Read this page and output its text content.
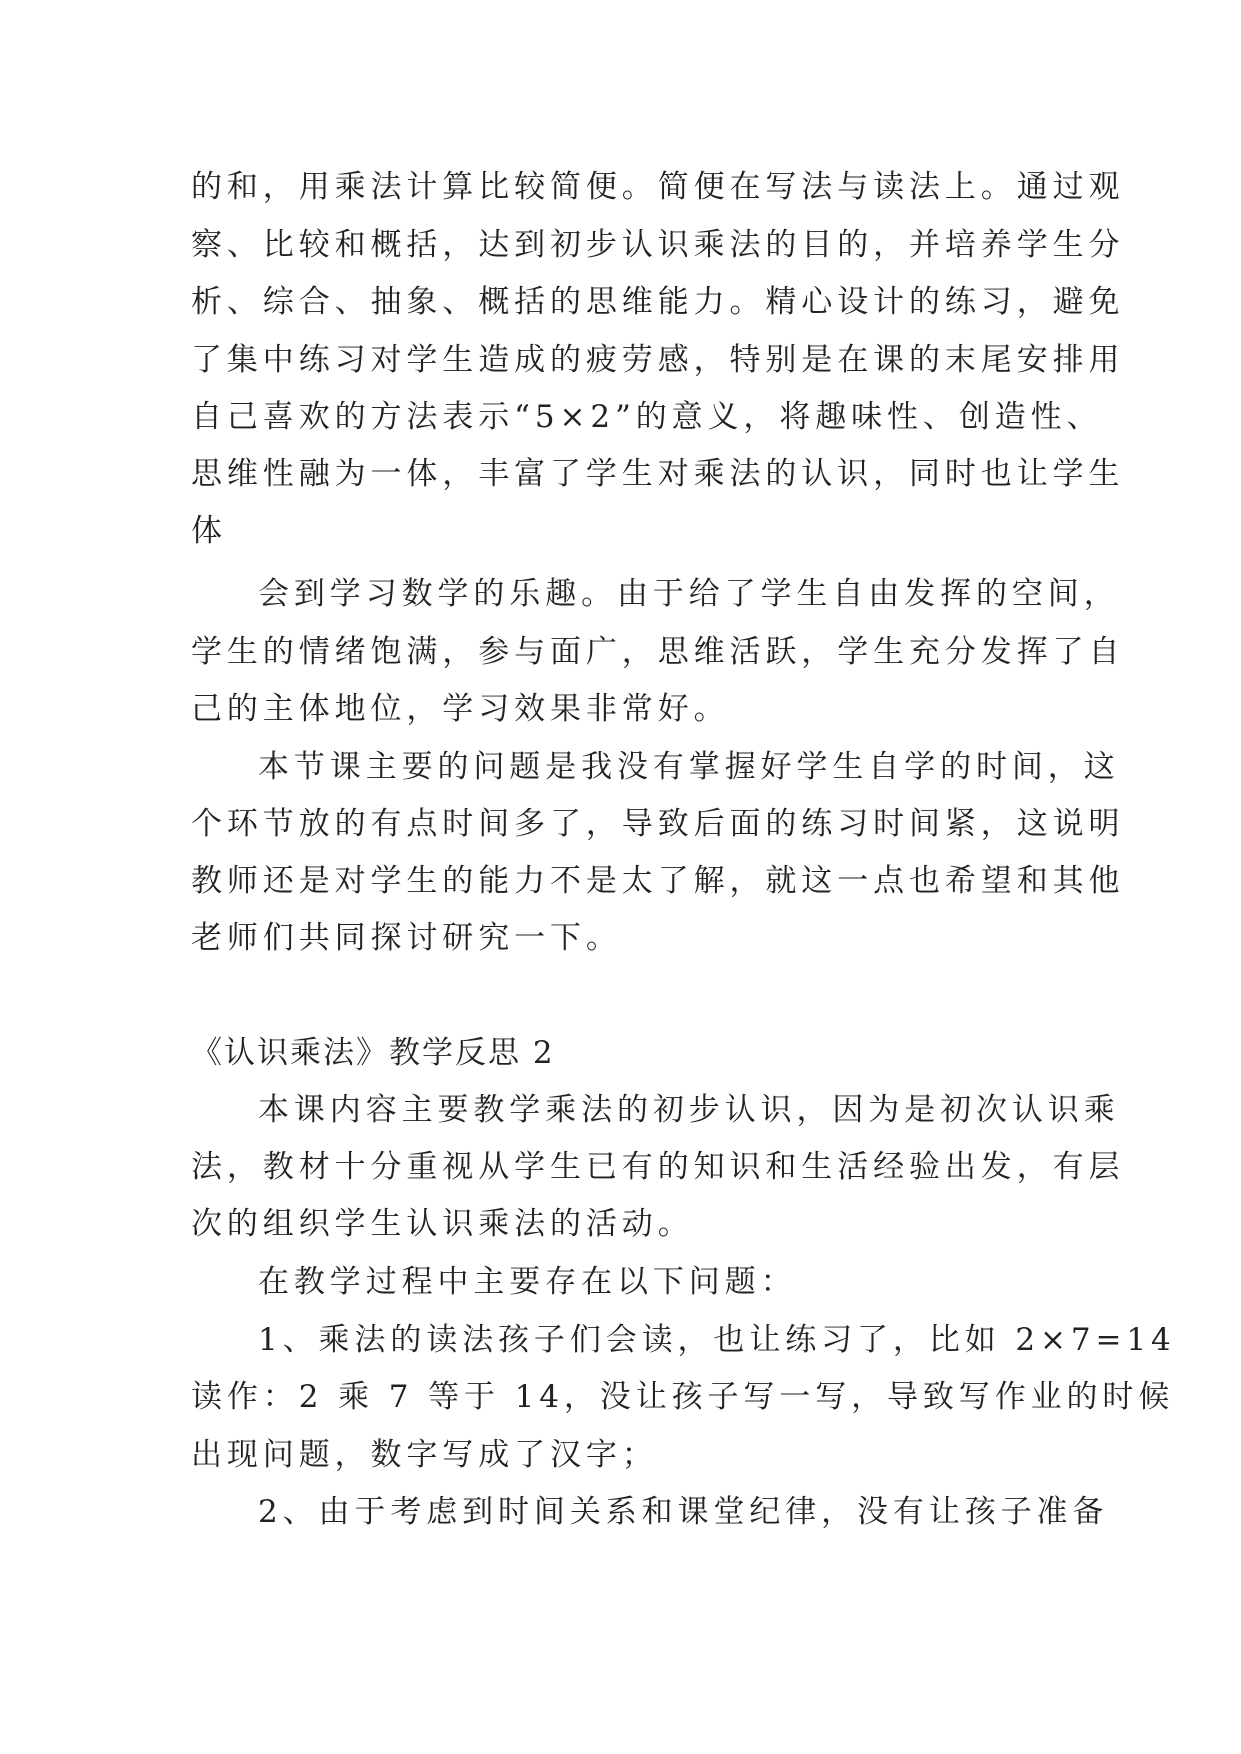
的和，用乘法计算比较简便。简便在写法与读法上。通过观
察、比较和概括，达到初步认识乘法的目的，并培养学生分
析、综合、抽象、概括的思维能力。精心设计的练习，避免
了集中练习对学生造成的疲劳感，特别是在课的末尾安排用
自己喜欢的方法表示“5×2”的意义，将趣味性、创造性、
思维性融为一体，丰富了学生对乘法的认识，同时也让学生
体
会到学习数学的乐趣。由于给了学生自由发挥的空间，
学生的情绪饱满，参与面广，思维活跃，学生充分发挥了自
己的主体地位，学习效果非常好。
本节课主要的问题是我没有掌握好学生自学的时间，这
个环节放的有点时间多了，导致后面的练习时间紧，这说明
教师还是对学生的能力不是太了解，就这一点也希望和其他
老师们共同探讨研究一下。
《认识乘法》教学反思 2
本课内容主要教学乘法的初步认识，因为是初次认识乘
法，教材十分重视从学生已有的知识和生活经验出发，有层
次的组织学生认识乘法的活动。
在教学过程中主要存在以下问题：
1、乘法的读法孩子们会读，也让练习了，比如 2×7=14
读作：2 乘 7 等于 14，没让孩子写一写，导致写作业的时候
出现问题，数字写成了汉字；
2、由于考虑到时间关系和课堂纪律，没有让孩子准备
